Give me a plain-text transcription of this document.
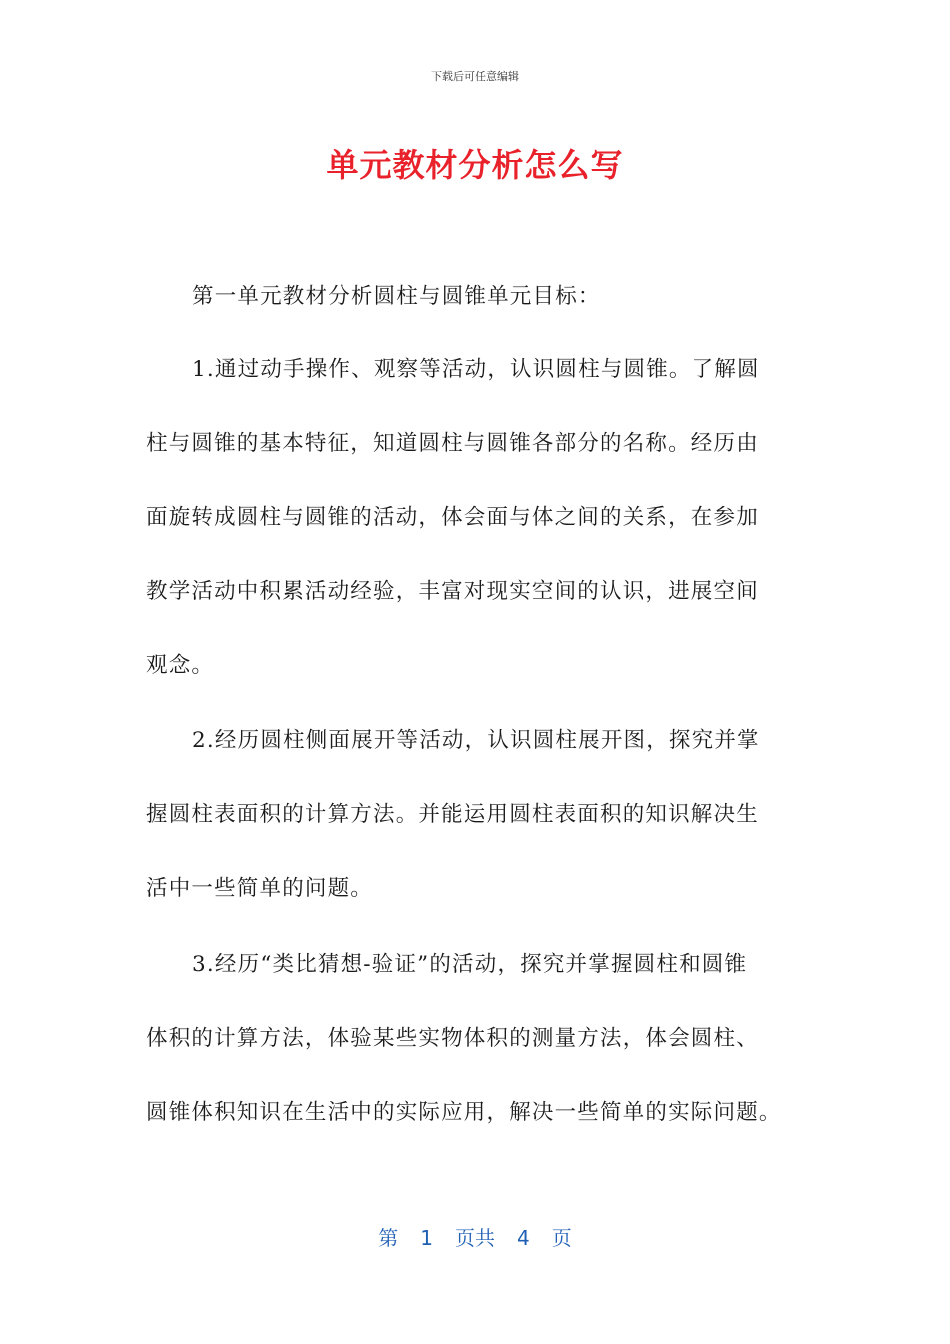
下载后可任意编辑
单元教材分析怎么写
第一单元教材分析圆柱与圆锥单元目标：
1.通过动手操作、观察等活动，认识圆柱与圆锥。了解圆
柱与圆锥的基本特征，知道圆柱与圆锥各部分的名称。经历由
面旋转成圆柱与圆锥的活动，体会面与体之间的关系，在参加
教学活动中积累活动经验，丰富对现实空间的认识，进展空间
观念。
2.经历圆柱侧面展开等活动，认识圆柱展开图，探究并掌
握圆柱表面积的计算方法。并能运用圆柱表面积的知识解决生
活中一些简单的问题。
3.经历“类比猜想-验证”的活动，探究并掌握圆柱和圆锥
体积的计算方法，体验某些实物体积的测量方法，体会圆柱、
圆锥体积知识在生活中的实际应用，解决一些简单的实际问题。
第 1 页共 4 页
